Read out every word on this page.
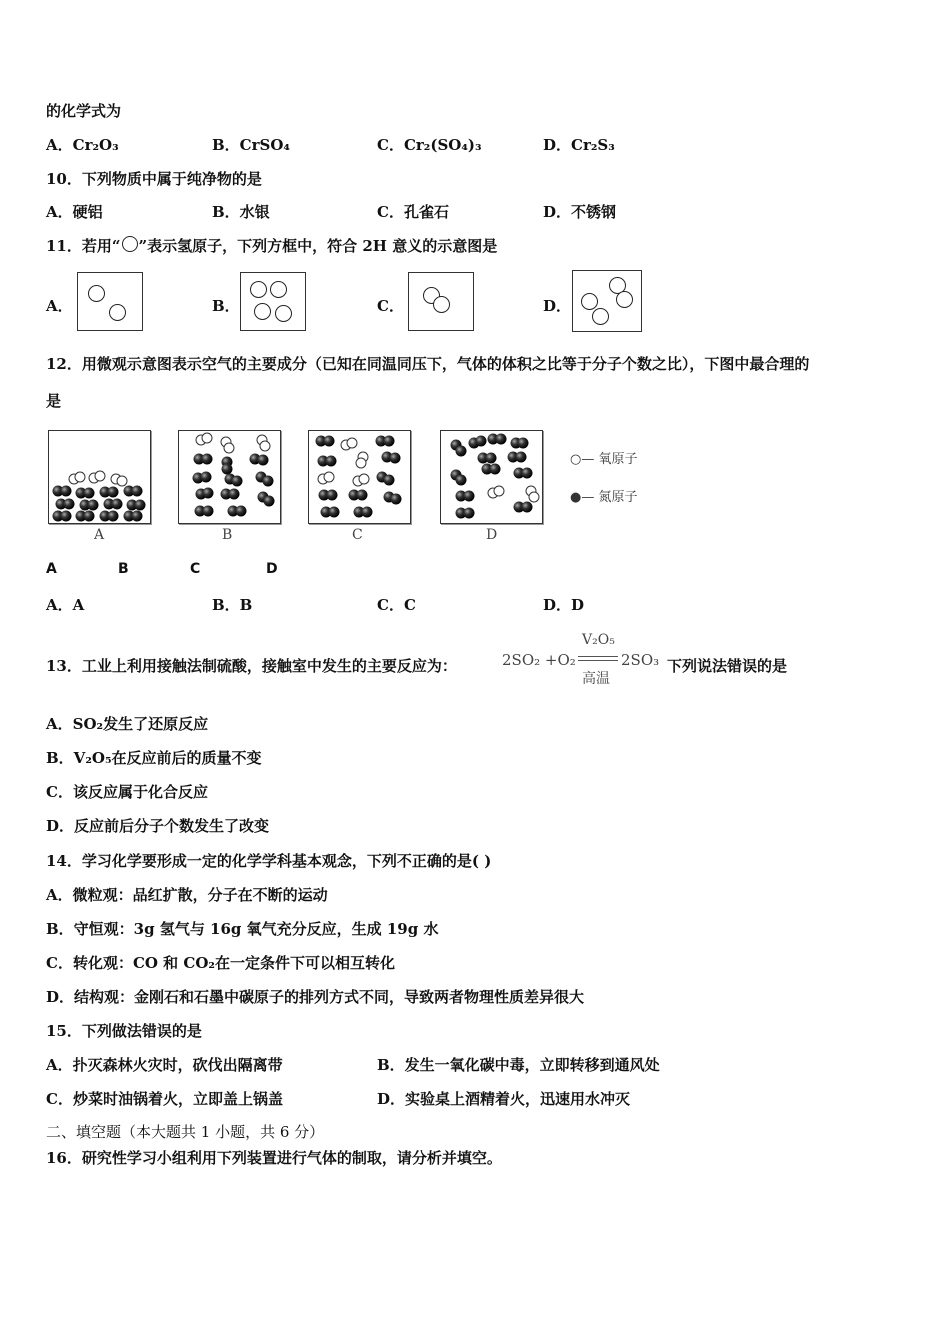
的化学式为
A．Cr₂O₃	B．CrSO₄	C．Cr₂(SO₄)₃	D．Cr₂S₃
10．下列物质中属于纯净物的是
A．硬铝	B．水银	C．孔雀石	D．不锈钢
11．若用“ ”表示氢原子，下列方框中，符合 2H 意义的示意图是
A．	B．	C．	D．
12．用微观示意图表示空气的主要成分（已知在同温同压下，气体的体积之比等于分子个数之比），下图中最合理的
是
A	B	C	D
○— 氧原子
●— 氮原子
A	B	C	D
A．A	B．B	C．C	D．D
13．工业上利用接触法制硫酸，接触室中发生的主要反应为：	2SO₂ +O₂
V₂O₅
高温
2SO₃ 下列说法错误的是
A．SO₂发生了还原反应
B．V₂O₅在反应前后的质量不变
C．该反应属于化合反应
D．反应前后分子个数发生了改变
14．学习化学要形成一定的化学学科基本观念，下列不正确的是( )
A．微粒观：品红扩散，分子在不断的运动
B．守恒观：3g 氢气与 16g 氧气充分反应，生成 19g 水
C．转化观：CO 和 CO₂在一定条件下可以相互转化
D．结构观：金刚石和石墨中碳原子的排列方式不同，导致两者物理性质差异很大
15．下列做法错误的是
A．扑灭森林火灾时，砍伐出隔离带	B．发生一氧化碳中毒，立即转移到通风处
C．炒菜时油锅着火，立即盖上锅盖	D．实验桌上酒精着火，迅速用水冲灭
二、填空题（本大题共 1 小题，共 6 分）
16．研究性学习小组利用下列装置进行气体的制取，请分析并填空。
